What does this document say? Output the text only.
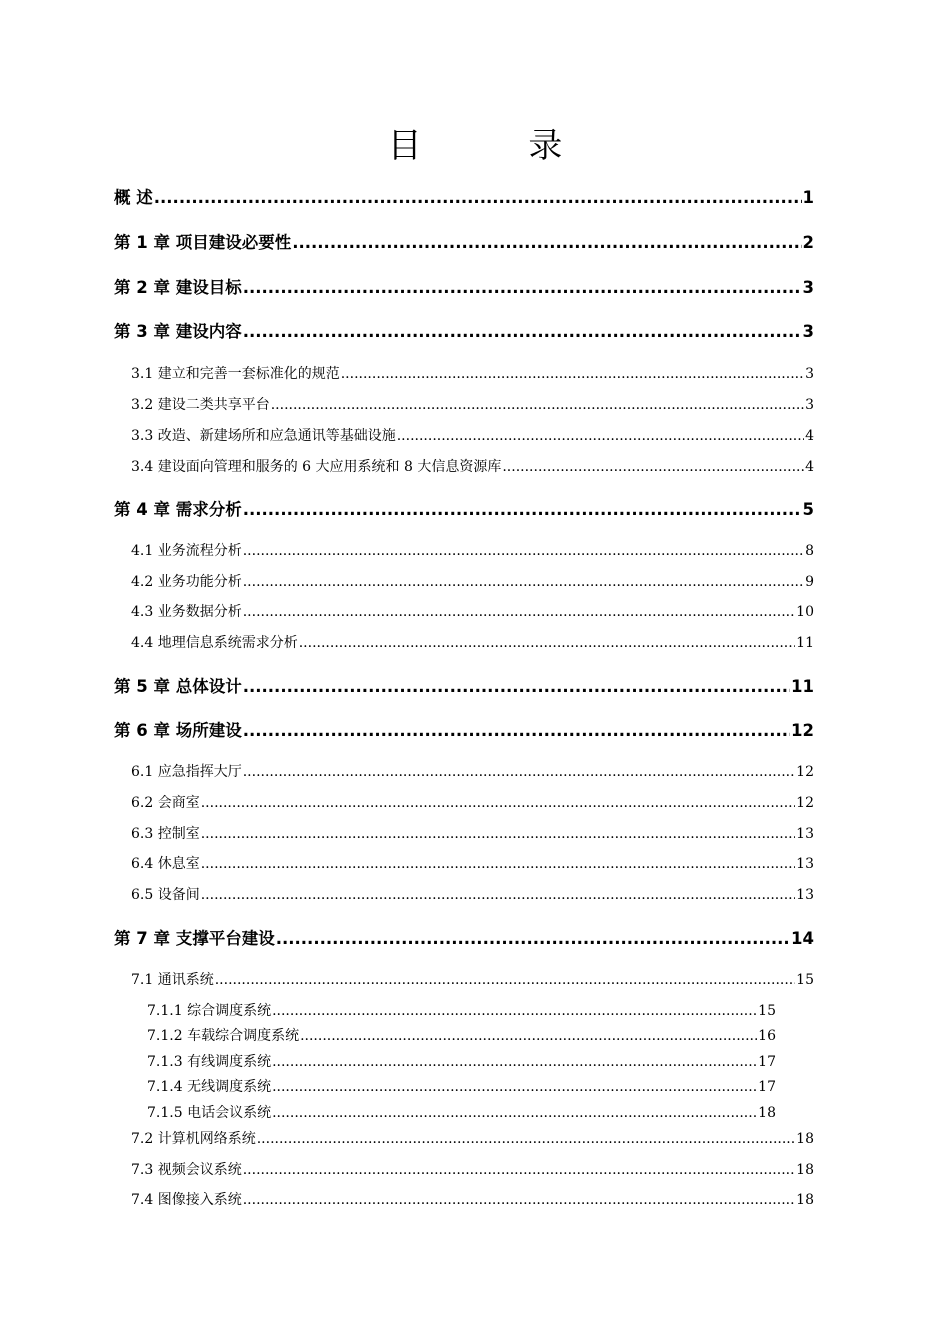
目 录
概 述 .....	1
第 1 章 项目建设必要性 .....	2
第 2 章 建设目标 .....	3
第 3 章 建设内容 .....	3
3.1 建立和完善一套标准化的规范 .....	3
3.2 建设二类共享平台 .....	3
3.3 改造、新建场所和应急通讯等基础设施 .....	4
3.4 建设面向管理和服务的 6 大应用系统和 8 大信息资源库 .....	4
第 4 章 需求分析 .....	5
4.1 业务流程分析 .....	8
4.2 业务功能分析 .....	9
4.3 业务数据分析 .....	10
4.4 地理信息系统需求分析 .....	11
第 5 章 总体设计 .....	11
第 6 章 场所建设 .....	12
6.1 应急指挥大厅 .....	12
6.2 会商室 .....	12
6.3 控制室 .....	13
6.4 休息室 .....	13
6.5 设备间 .....	13
第 7 章 支撑平台建设 .....	14
7.1 通讯系统 .....	15
7.1.1 综合调度系统 .....	15
7.1.2 车载综合调度系统 .....	16
7.1.3 有线调度系统 .....	17
7.1.4 无线调度系统 .....	17
7.1.5 电话会议系统 .....	18
7.2 计算机网络系统 .....	18
7.3 视频会议系统 .....	18
7.4 图像接入系统 .....	18
